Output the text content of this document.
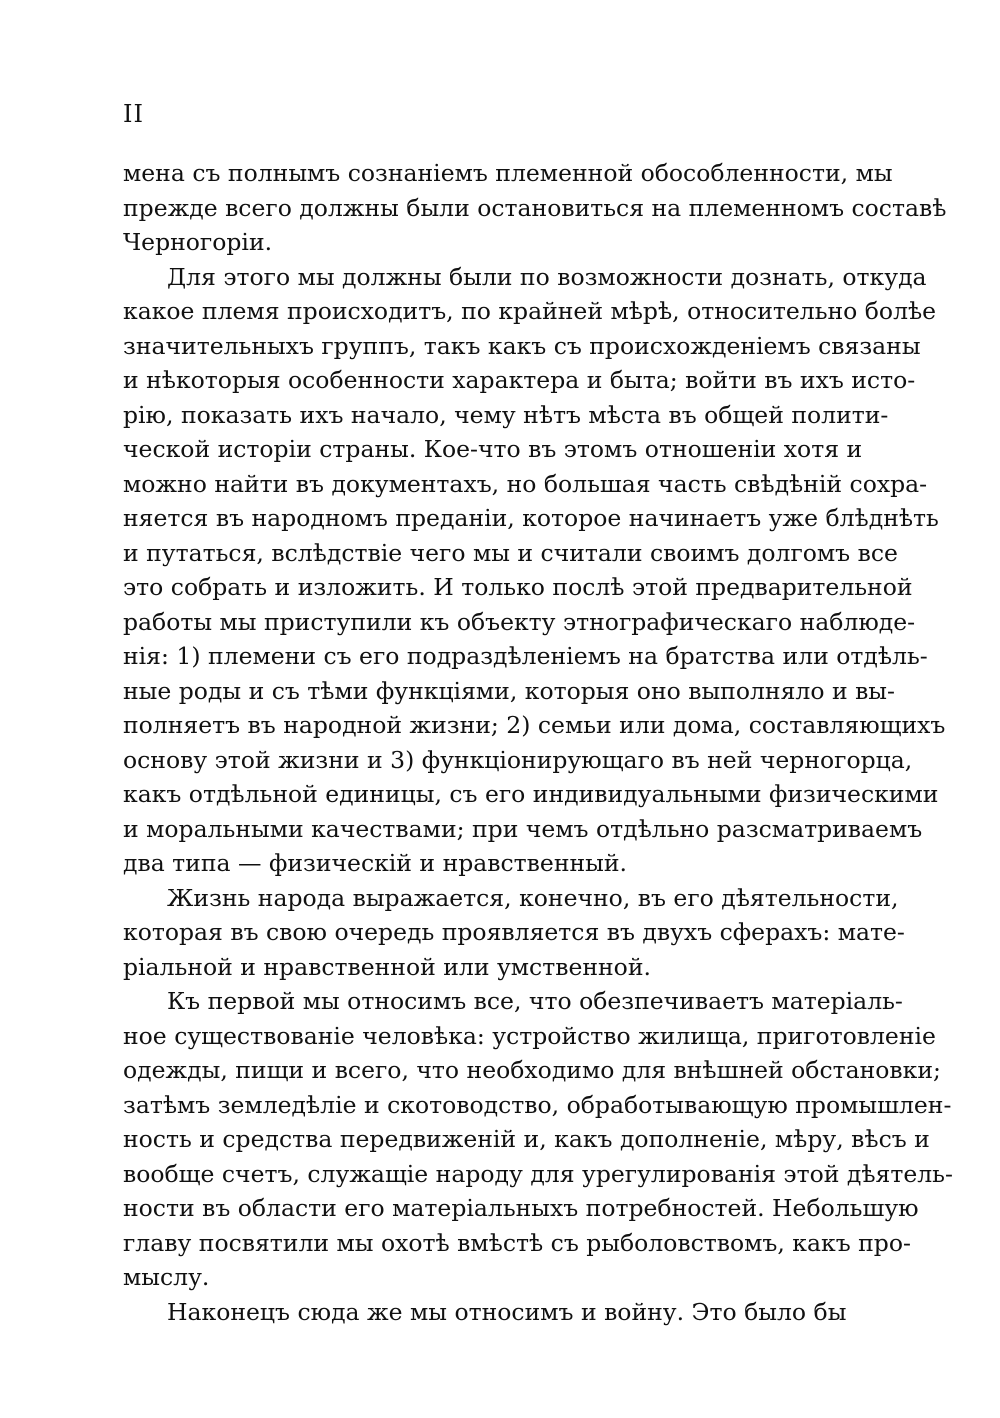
II
мена съ полнымъ сознаніемъ племенной обособленности, мы
прежде всего должны были остановиться на племенномъ составѣ
Черногоріи.
Для этого мы должны были по возможности дознать, откуда
какое племя происходитъ, по крайней мѣрѣ, относительно болѣе
значительныхъ группъ, такъ какъ съ происхожденіемъ связаны
и нѣкоторыя особенности характера и быта; войти въ ихъ исто-
рію, показать ихъ начало, чему нѣтъ мѣста въ общей полити-
ческой исторіи страны. Кое-что въ этомъ отношеніи хотя и
можно найти въ документахъ, но большая часть свѣдѣній сохра-
няется въ народномъ преданіи, которое начинаетъ уже блѣднѣть
и путаться, вслѣдствіе чего мы и считали своимъ долгомъ все
это собрать и изложить. И только послѣ этой предварительной
работы мы приступили къ объекту этнографическаго наблюде-
нія: 1) племени съ его подраздѣленіемъ на братства или отдѣль-
ные роды и съ тѣми функціями, которыя оно выполняло и вы-
полняетъ въ народной жизни; 2) семьи или дома, составляющихъ
основу этой жизни и 3) функціонирующаго въ ней черногорца,
какъ отдѣльной единицы, съ его индивидуальными физическими
и моральными качествами; при чемъ отдѣльно разсматриваемъ
два типа — физическій и нравственный.
Жизнь народа выражается, конечно, въ его дѣятельности,
которая въ свою очередь проявляется въ двухъ сферахъ: мате-
ріальной и нравственной или умственной.
Къ первой мы относимъ все, что обезпечиваетъ матеріаль-
ное существованіе человѣка: устройство жилища, приготовленіе
одежды, пищи и всего, что необходимо для внѣшней обстановки;
затѣмъ земледѣліе и скотоводство, обработывающую промышлен-
ность и средства передвиженій и, какъ дополненіе, мѣру, вѣсъ и
вообще счетъ, служащіе народу для урегулированія этой дѣятель-
ности въ области его матеріальныхъ потребностей. Небольшую
главу посвятили мы охотѣ вмѣстѣ съ рыболовствомъ, какъ про-
мыслу.
Наконецъ сюда же мы относимъ и войну. Это было бы
